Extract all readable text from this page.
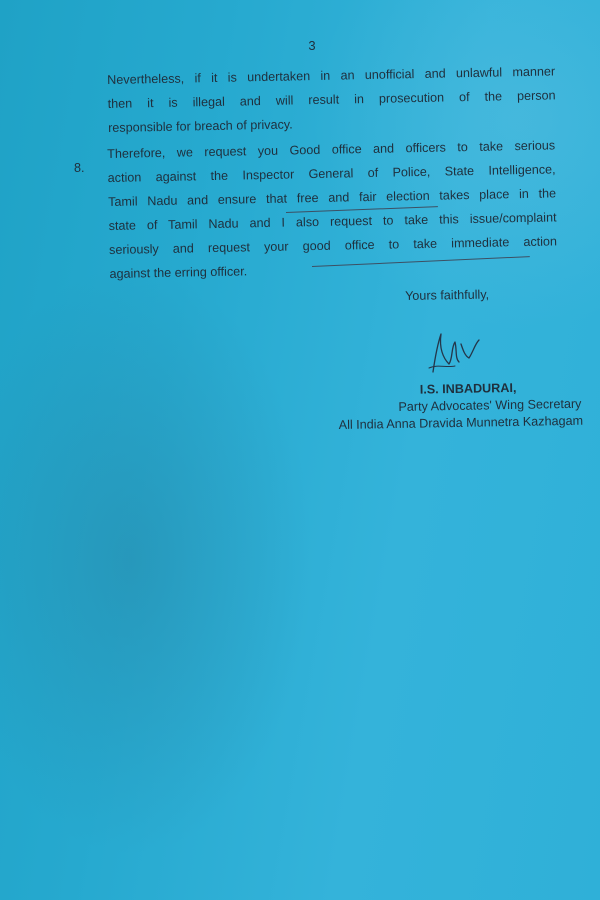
3

Nevertheless, if it is undertaken in an unofficial and unlawful manner

then it is illegal and will result in prosecution of the person

responsible for breach of privacy.

8.

Therefore, we request you Good office and officers to take serious

action against the Inspector General of Police, State Intelligence,

Tamil Nadu and ensure that free and fair election takes place in the

state of Tamil Nadu and I also request to take this issue/complaint

seriously and request your good office to take immediate action

against the erring officer.

Yours faithfully,
I.S. INBADURAI,
Party Advocates' Wing Secretary
All India Anna Dravida Munnetra Kazhagam
